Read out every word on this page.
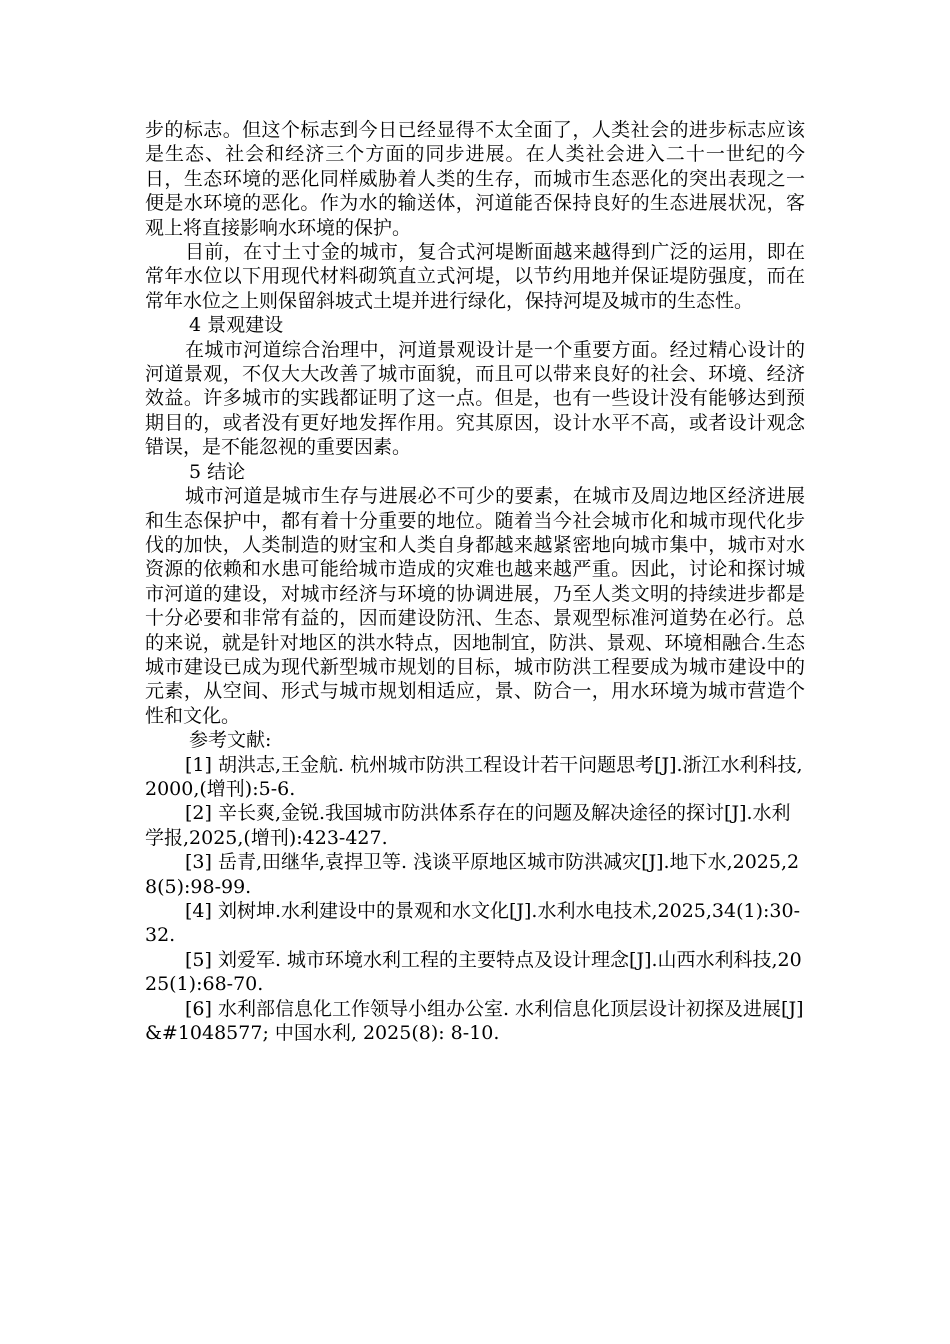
步的标志。但这个标志到今日已经显得不太全面了，人类社会的进步标志应该是生态、社会和经济三个方面的同步进展。在人类社会进入二十一世纪的今日，生态环境的恶化同样威胁着人类的生存，而城市生态恶化的突出表现之一便是水环境的恶化。作为水的输送体，河道能否保持良好的生态进展状况，客观上将直接影响水环境的保护。

目前，在寸土寸金的城市，复合式河堤断面越来越得到广泛的运用，即在常年水位以下用现代材料砌筑直立式河堤，以节约用地并保证堤防强度，而在常年水位之上则保留斜坡式土堤并进行绿化，保持河堤及城市的生态性。

4 景观建设

在城市河道综合治理中，河道景观设计是一个重要方面。经过精心设计的河道景观，不仅大大改善了城市面貌，而且可以带来良好的社会、环境、经济效益。许多城市的实践都证明了这一点。但是，也有一些设计没有能够达到预期目的，或者没有更好地发挥作用。究其原因，设计水平不高，或者设计观念错误，是不能忽视的重要因素。

5 结论

城市河道是城市生存与进展必不可少的要素，在城市及周边地区经济进展和生态保护中，都有着十分重要的地位。随着当今社会城市化和城市现代化步伐的加快，人类制造的财宝和人类自身都越来越紧密地向城市集中，城市对水资源的依赖和水患可能给城市造成的灾难也越来越严重。因此，讨论和探讨城市河道的建设，对城市经济与环境的协调进展，乃至人类文明的持续进步都是十分必要和非常有益的，因而建设防汛、生态、景观型标准河道势在必行。总的来说，就是针对地区的洪水特点，因地制宜，防洪、景观、环境相融合.生态城市建设已成为现代新型城市规划的目标，城市防洪工程要成为城市建设中的元素，从空间、形式与城市规划相适应，景、防合一，用水环境为城市营造个性和文化。

参考文献:

[1] 胡洪志,王金航. 杭州城市防洪工程设计若干问题思考[J].浙江水利科技,2000,(增刊):5-6.

[2] 辛长爽,金锐.我国城市防洪体系存在的问题及解决途径的探讨[J].水利学报,2025,(增刊):423-427.

[3] 岳青,田继华,袁捍卫等. 浅谈平原地区城市防洪减灾[J].地下水,2025,28(5):98-99.

[4] 刘树坤.水利建设中的景观和水文化[J].水利水电技术,2025,34(1):30-32.

[5] 刘爱军. 城市环境水利工程的主要特点及设计理念[J].山西水利科技,2025(1):68-70.

[6] 水利部信息化工作领导小组办公室. 水利信息化顶层设计初探及进展[J] &#1048577; 中国水利, 2025(8): 8-10.
